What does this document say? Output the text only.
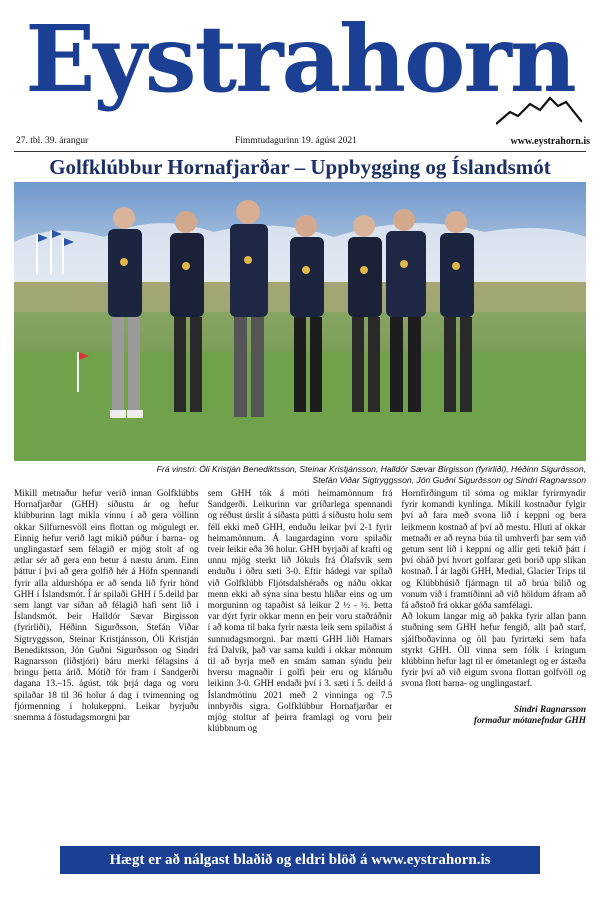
Eystrahorn
27. tbl. 39. árangur	Fimmtudagurinn 19. ágúst 2021	www.eystrahorn.is
Golfklúbbur Hornafjarðar – Uppbygging og Íslandsmót
Frá vinstri: Óli Kristján Benediktsson, Steinar Kristjánsson, Halldór Sævar Birgisson (fyrirliði), Héðinn Sigurðsson,
Stefán Viðar Sigtryggsson, Jón Guðni Sigurðsson og Sindri Ragnarsson

Mikill metnaður hefur verið innan Golfklúbbs Hornafjarðar (GHH) síðustu ár og hefur klúbburinn lagt mikla vinnu í að gera völlinn okkar Silfurnesvöll eins flottan og mögulegt er. Einnig hefur verið lagt mikið púður í barna- og unglingastarf sem félagið er mjög stolt af og ætlar sér að gera enn betur á næstu árum. Einn þáttur í því að gera golfið hér á Höfn spennandi fyrir alla aldurshópa er að senda lið fyrir hönd GHH í Íslandsmót. Í ár spilaði GHH í 5.deild þar sem langt var síðan að félagið hafi sent lið í Íslandsmót. Þeir Halldór Sævar Birgisson (fyrirliði), Héðinn Sigurðsson, Stefán Viðar Sigtryggsson, Steinar Kristjánsson, Óli Kristján Benediktsson, Jón Guðni Sigurðsson og Sindri Ragnarsson (liðstjóri) báru merki félagsins á bringu þetta árið. Mótið fór fram í Sandgerði dagana 13.–15. ágúst, tók þrjá daga og voru spilaðar 18 til 36 holur á dag í tvímenning og fjórmenning í holukeppni. Leikar byrjuðu snemma á föstudagsmorgni þar

sem GHH tók á móti heimamönnum frá Sandgerði. Leikurinn var gríðarlega spennandi og réðust úrslit á síðasta pútti á síðustu holu sem féll ekki með GHH, enduðu leikar því 2-1 fyrir heimamönnum. Á laugardaginn voru spilaðir tveir leikir eða 36 holur. GHH byrjaði af krafti og unnu mjög sterkt lið Jökuls frá Ólafsvík sem enduðu í öðru sæti 3-0. Eftir hádegi var spilað við Golfklúbb Fljótsdalshéraðs og náðu okkar menn ekki að sýna sína bestu hliðar eins og um morguninn og tapaðist sá leikur 2 ½ - ½. Þetta var dýrt fyrir okkar menn en þeir voru staðráðnir í að koma til baka fyrir næsta leik sem spilaðist á sunnudagsmorgni. Þar mætti GHH liði Hamars frá Dalvík, það var sama kuldi í okkar mönnum til að byrja með en smám saman sýndu þeir hversu magnaðir í golfi þeir eru og kláruðu leikinn 3-0. GHH endaði því í 3. sæti í 5. deild á Íslandmótinu 2021 með 2 vinninga og 7.5 innbyrðis sigra. Golfklúbbur Hornafjarðar er mjög stoltur af þeirra framlagi og voru þeir klúbbnum og

Hornfirðingum til sóma og miklar fyrirmyndir fyrir komandi kynlinga. Mikill kostnaður fylgir því að fara með svona lið í keppni og bera leikmenn kostnað af því að mestu. Hluti af okkar metnaði er að reyna búa til umhverfi þar sem við getum sent lið í keppni og allir geti tekið þátt í því óháð því hvort golfarar geti borið upp slíkan kostnað. Í ár lagði GHH, Medial, Glacier Trips til og Klúbbhúsið fjármagn til að brúa bilið og vonum við í framtíðinni að við höldum áfram að fá aðstoð frá okkar góða samfélagi.

Að lokum langar mig að þakka fyrir allan þann stuðning sem GHH hefur fengið, allt það starf, sjálfboðavinna og öll þau fyrirtæki sem hafa styrkt GHH. Öll vinna sem fólk í kringum klúbbinn hefur lagt til er ómetanlegt og er ástæða fyrir því að við eigum svona flottan golfvöll og svona flott barna- og unglingastarf.

Sindri Ragnarsson
formaður mótanefndar GHH
Hægt er að nálgast blaðið og eldri blöð á www.eystrahorn.is
